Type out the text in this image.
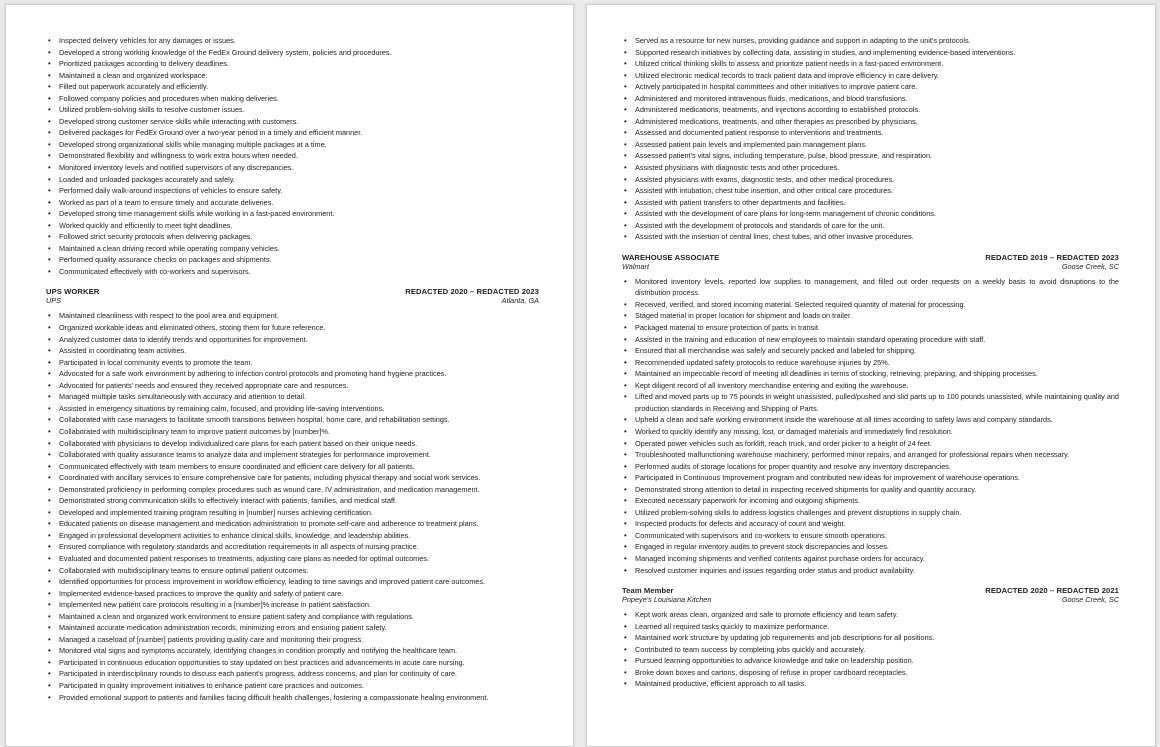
• Inspected delivery vehicles for any damages or issues.
• Developed a strong working knowledge of the FedEx Ground delivery system, policies and procedures.
• Prioritized packages according to delivery deadlines.
• Maintained a clean and organized workspace.
• Filled out paperwork accurately and efficiently.
• Followed company policies and procedures when making deliveries.
• Utilized problem-solving skills to resolve customer issues.
• Developed strong customer service skills while interacting with customers.
• Delivered packages for FedEx Ground over a two-year period in a timely and efficient manner.
• Developed strong organizational skills while managing multiple packages at a time.
• Demonstrated flexibility and willingness to work extra hours when needed.
• Monitored inventory levels and notified supervisors of any discrepancies.
• Loaded and unloaded packages accurately and safely.
• Performed daily walk-around inspections of vehicles to ensure safety.
• Worked as part of a team to ensure timely and accurate deliveries.
• Developed strong time management skills while working in a fast-paced environment.
• Worked quickly and efficiently to meet tight deadlines.
• Followed strict security protocols when delivering packages.
• Maintained a clean driving record while operating company vehicles.
• Performed quality assurance checks on packages and shipments.
• Communicated effectively with co-workers and supervisors.
UPS WORKER	REDACTED 2020 – REDACTED 2023
UPS	Atlanta, GA
• Maintained cleanliness with respect to the pool area and equipment.
• Organized workable ideas and eliminated others, storing them for future reference.
• Analyzed customer data to identify trends and opportunities for improvement.
• Assisted in coordinating team activities.
• Participated in local community events to promote the team.
• Advocated for a safe work environment by adhering to infection control protocols and promoting hand hygiene practices.
• Advocated for patients' needs and ensured they received appropriate care and resources.
• Managed multiple tasks simultaneously with accuracy and attention to detail.
• Assisted in emergency situations by remaining calm, focused, and providing life-saving interventions.
• Collaborated with case managers to facilitate smooth transitions between hospital, home care, and rehabilitation settings.
• Collaborated with multidisciplinary team to improve patient outcomes by [number]%.
• Collaborated with physicians to develop individualized care plans for each patient based on their unique needs.
• Collaborated with quality assurance teams to analyze data and implement strategies for performance improvement.
• Communicated effectively with team members to ensure coordinated and efficient care delivery for all patients.
• Coordinated with ancillary services to ensure comprehensive care for patients, including physical therapy and social work services.
• Demonstrated proficiency in performing complex procedures such as wound care, IV administration, and medication management.
• Demonstrated strong communication skills to effectively interact with patients, families, and medical staff.
• Developed and implemented training program resulting in [number] nurses achieving certification.
• Educated patients on disease management and medication administration to promote self-care and adherence to treatment plans.
• Engaged in professional development activities to enhance clinical skills, knowledge, and leadership abilities.
• Ensured compliance with regulatory standards and accreditation requirements in all aspects of nursing practice.
• Evaluated and documented patient responses to treatments, adjusting care plans as needed for optimal outcomes.
• Collaborated with multidisciplinary teams to ensure optimal patient outcomes.
• Identified opportunities for process improvement in workflow efficiency, leading to time savings and improved patient care outcomes.
• Implemented evidence-based practices to improve the quality and safety of patient care.
• Implemented new patient care protocols resulting in a [number]% increase in patient satisfaction.
• Maintained a clean and organized work environment to ensure patient safety and compliance with regulations.
• Maintained accurate medication administration records, minimizing errors and ensuring patient safety.
• Managed a caseload of [number] patients providing quality care and monitoring their progress.
• Monitored vital signs and symptoms accurately, identifying changes in condition promptly and notifying the healthcare team.
• Participated in continuous education opportunities to stay updated on best practices and advancements in acute care nursing.
• Participated in interdisciplinary rounds to discuss each patient's progress, address concerns, and plan for continuity of care.
• Participated in quality improvement initiatives to enhance patient care practices and outcomes.
• Provided emotional support to patients and families facing difficult health challenges, fostering a compassionate healing environment.
• Served as a resource for new nurses, providing guidance and support in adapting to the unit's protocols.
• Supported research initiatives by collecting data, assisting in studies, and implementing evidence-based interventions.
• Utilized critical thinking skills to assess and prioritize patient needs in a fast-paced environment.
• Utilized electronic medical records to track patient data and improve efficiency in care delivery.
• Actively participated in hospital committees and other initiatives to improve patient care.
• Administered and monitored intravenous fluids, medications, and blood transfusions.
• Administered medications, treatments, and injections according to established protocols.
• Administered medications, treatments, and other therapies as prescribed by physicians.
• Assessed and documented patient response to interventions and treatments.
• Assessed patient pain levels and implemented pain management plans.
• Assessed patient's vital signs, including temperature, pulse, blood pressure, and respiration.
• Assisted physicians with diagnostic tests and other procedures.
• Assisted physicians with exams, diagnostic tests, and other medical procedures.
• Assisted with intubation, chest tube insertion, and other critical care procedures.
• Assisted with patient transfers to other departments and facilities.
• Assisted with the development of care plans for long-term management of chronic conditions.
• Assisted with the development of protocols and standards of care for the unit.
• Assisted with the insertion of central lines, chest tubes, and other invasive procedures.
WAREHOUSE ASSOCIATE	REDACTED 2019 – REDACTED 2023
Walmart	Goose Creek, SC
• Monitored inventory levels, reported low supplies to management, and filled out order requests on a weekly basis to avoid disruptions to the distribution process.
• Received, verified, and stored incoming material. Selected required quantity of material for processing.
• Staged material in proper location for shipment and loads on trailer.
• Packaged material to ensure protection of parts in transit.
• Assisted in the training and education of new employees to maintain standard operating procedure with staff.
• Ensured that all merchandise was safely and securely packed and labeled for shipping.
• Recommended updated safety protocols to reduce warehouse injuries by 25%.
• Maintained an impeccable record of meeting all deadlines in terms of stocking, retrieving, preparing, and shipping processes.
• Kept diligent record of all inventory merchandise entering and exiting the warehouse.
• Lifted and moved parts up to 75 pounds in weight unassisted, pulled/pushed and slid parts up to 100 pounds unassisted, while maintaining quality and production standards in Receiving and Shipping of Parts.
• Upheld a clean and safe working environment inside the warehouse at all times according to safety laws and company standards.
• Worked to quickly identify any missing, lost, or damaged materials and immediately find resolution.
• Operated power vehicles such as forklift, reach truck, and order picker to a height of 24 feet.
• Troubleshooted malfunctioning warehouse machinery, performed minor repairs, and arranged for professional repairs when necessary.
• Performed audits of storage locations for proper quantity and resolve any inventory discrepancies.
• Participated in Continuous Improvement program and contributed new ideas for improvement of warehouse operations.
• Demonstrated strong attention to detail in inspecting received shipments for quality and quantity accuracy.
• Executed necessary paperwork for incoming and outgoing shipments.
• Utilized problem-solving skills to address logistics challenges and prevent disruptions in supply chain.
• Inspected products for defects and accuracy of count and weight.
• Communicated with supervisors and co-workers to ensure smooth operations.
• Engaged in regular inventory audits to prevent stock discrepancies and losses.
• Managed incoming shipments and verified contents against purchase orders for accuracy.
• Resolved customer inquiries and issues regarding order status and product availability.
Team Member	REDACTED 2020 – REDACTED 2021
Popeye's Louisiana Kitchen	Goose Creek, SC
• Kept work areas clean, organized and safe to promote efficiency and team safety.
• Learned all required tasks quickly to maximize performance.
• Maintained work structure by updating job requirements and job descriptions for all positions.
• Contributed to team success by completing jobs quickly and accurately.
• Pursued learning opportunities to advance knowledge and take on leadership position.
• Broke down boxes and cartons, disposing of refuse in proper cardboard receptacles.
• Maintained productive, efficient approach to all tasks.
